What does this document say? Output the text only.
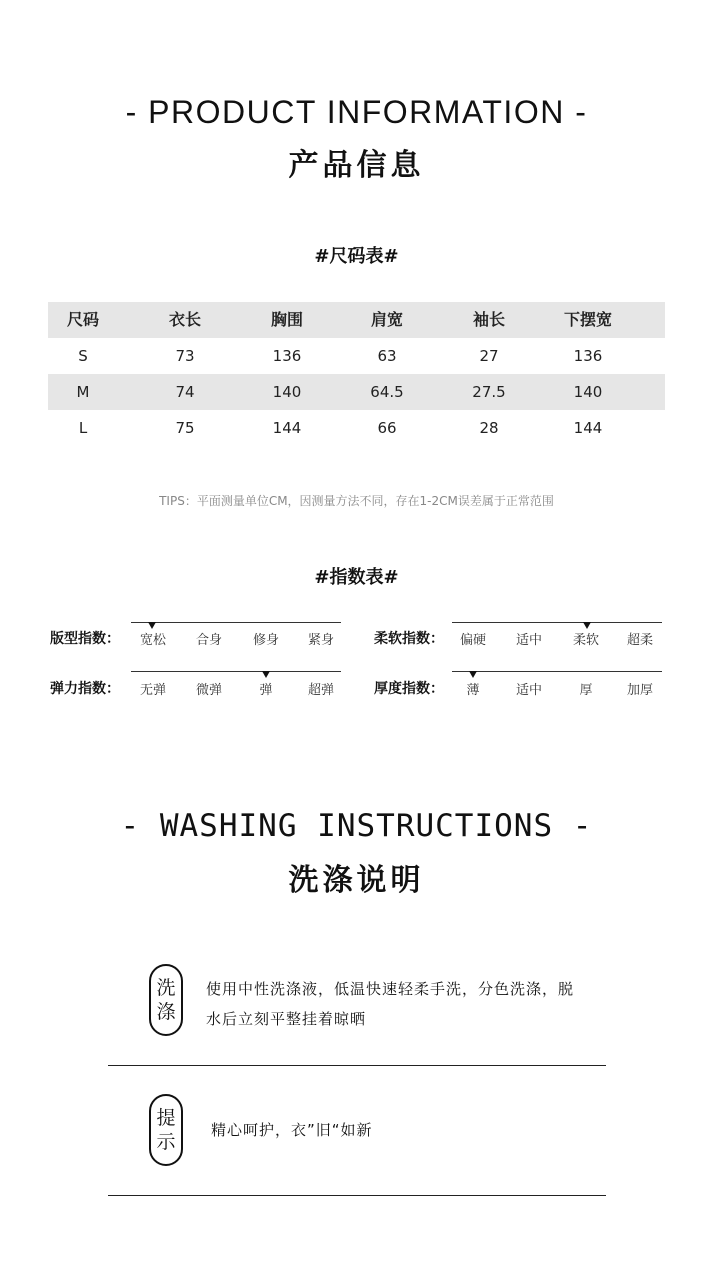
- PRODUCT INFORMATION -
产品信息
#尺码表#
尺码	衣长	胸围	肩宽	袖长	下摆宽
S	73	136	63	27	136
M	74	140	64.5	27.5	140
L	75	144	66	28	144
TIPS：平面测量单位CM，因测量方法不同，存在1-2CM误差属于正常范围
#指数表#
版型指数：	宽松	合身	修身	紧身	柔软指数：	偏硬	适中	柔软	超柔
弹力指数：	无弹	微弹	弹	超弹	厚度指数：	薄	适中	厚	加厚
- WASHING INSTRUCTIONS -
洗涤说明
洗
涤
使用中性洗涤液，低温快速轻柔手洗，分色洗涤，脱
水后立刻平整挂着晾晒
提
示
精心呵护，衣”旧“如新
